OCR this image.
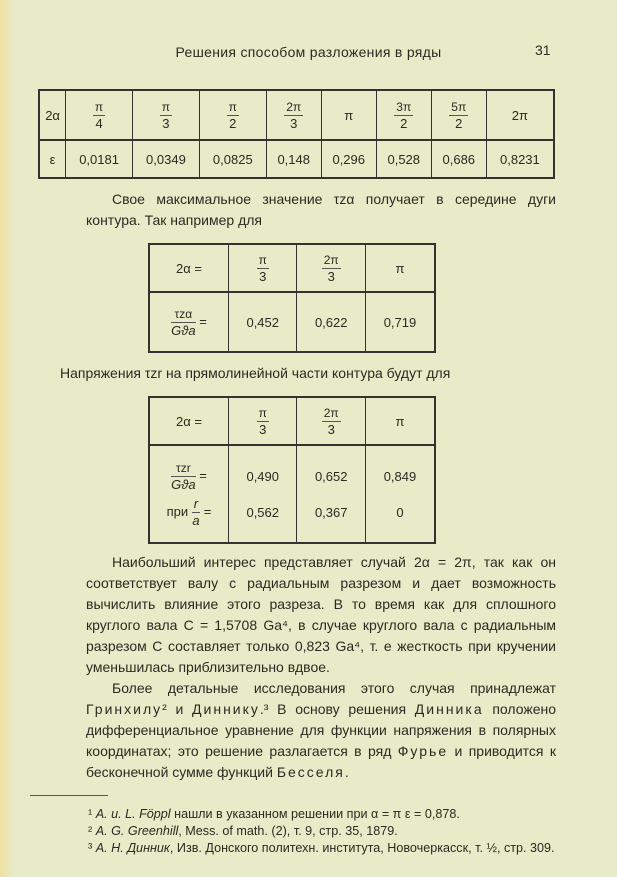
Решения способом разложения в ряды	31
2α	$\frac{\pi}{4}$	$\frac{\pi}{3}$	$\frac{\pi}{2}$	$\frac{2\pi}{3}$	π	$\frac{3\pi}{2}$	$\frac{5\pi}{2}$	2π
ε	0,0181	0,0349	0,0825	0,148	0,296	0,528	0,686	0,8231
Свое максимальное значение τzα получает в середине дуги контура. Так например для
2α =	$\frac{\pi}{3}$	$\frac{2\pi}{3}$	π

$\frac{\text{τzα}}{\text{Gϑa}}$ =	0,452	0,622	0,719
Напряжения τzr на прямолинейной части контура будут для
2α =	$\frac{\pi}{3}$	$\frac{2\pi}{3}$	π

$\frac{\text{τzr}}{\text{Gϑa}}$ =	0,490	0,652	0,849
при $\frac{r}{a}$ =	0,562	0,367	0
Наибольший интерес представляет случай 2α = 2π, так как он соответствует валу с радиальным разрезом и дает возможность вычислить влияние этого разреза. В то время как для сплошного круглого вала C = 1,5708 Ga⁴, в случае круглого вала с радиальным разрезом C составляет только 0,823 Ga⁴, т. е жесткость при кручении уменьшилась приблизительно вдвое.
Более детальные исследования этого случая принадлежат Гринхилу² и Диннику.³ В основу решения Динника положено дифференциальное уравнение для функции напряжения в полярных координатах; это решение разлагается в ряд Фурье и приводится к бесконечной сумме функций Бесселя.
¹ A. u. L. Föppl нашли в указанном решении при α = π ε = 0,878.
² A. G. Greenhill, Mess. of math. (2), т. 9, стр. 35, 1879.
³ А. Н. Динник, Изв. Донского политехн. института, Новочеркасск, т. ½, стр. 309.
